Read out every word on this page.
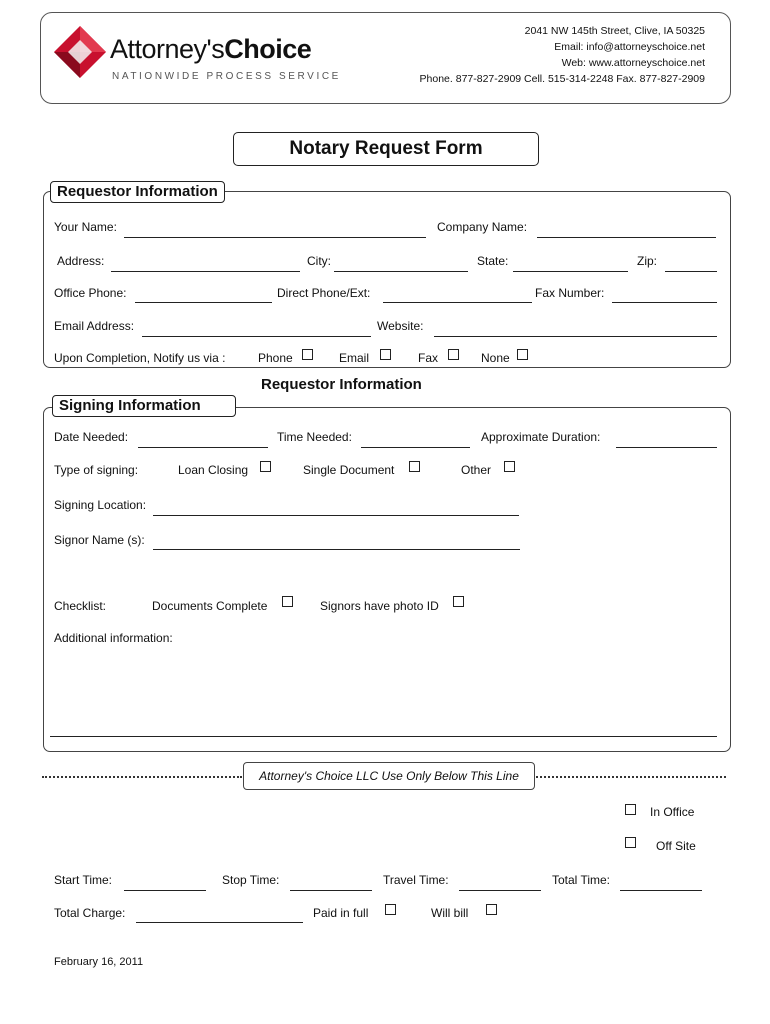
Attorney'sChoice
NATIONWIDE PROCESS SERVICE
2041 NW 145th Street, Clive, IA 50325
Email: info@attorneyschoice.net
Web: www.attorneyschoice.net
Phone. 877-827-2909 Cell. 515-314-2248 Fax. 877-827-2909
Notary Request Form
Requestor Information
Your Name:	Company Name:
Address:	City:	State:	Zip:
Office Phone:	Direct Phone/Ext:	Fax Number:
Email Address:	Website:
Upon Completion, Notify us via :	Phone	Email	Fax	None
Requestor Information
Signing Information
Date Needed:	Time Needed:	Approximate Duration:
Type of signing:	Loan Closing	Single Document	Other
Signing Location:
Signor Name (s):
Checklist:	Documents Complete	Signors have photo ID
Additional information:
Attorney's Choice LLC Use Only Below This Line
In Office
Off Site
Start Time:	Stop Time:	Travel Time:	Total Time:
Total Charge:	Paid in full	Will bill
February 16, 2011
